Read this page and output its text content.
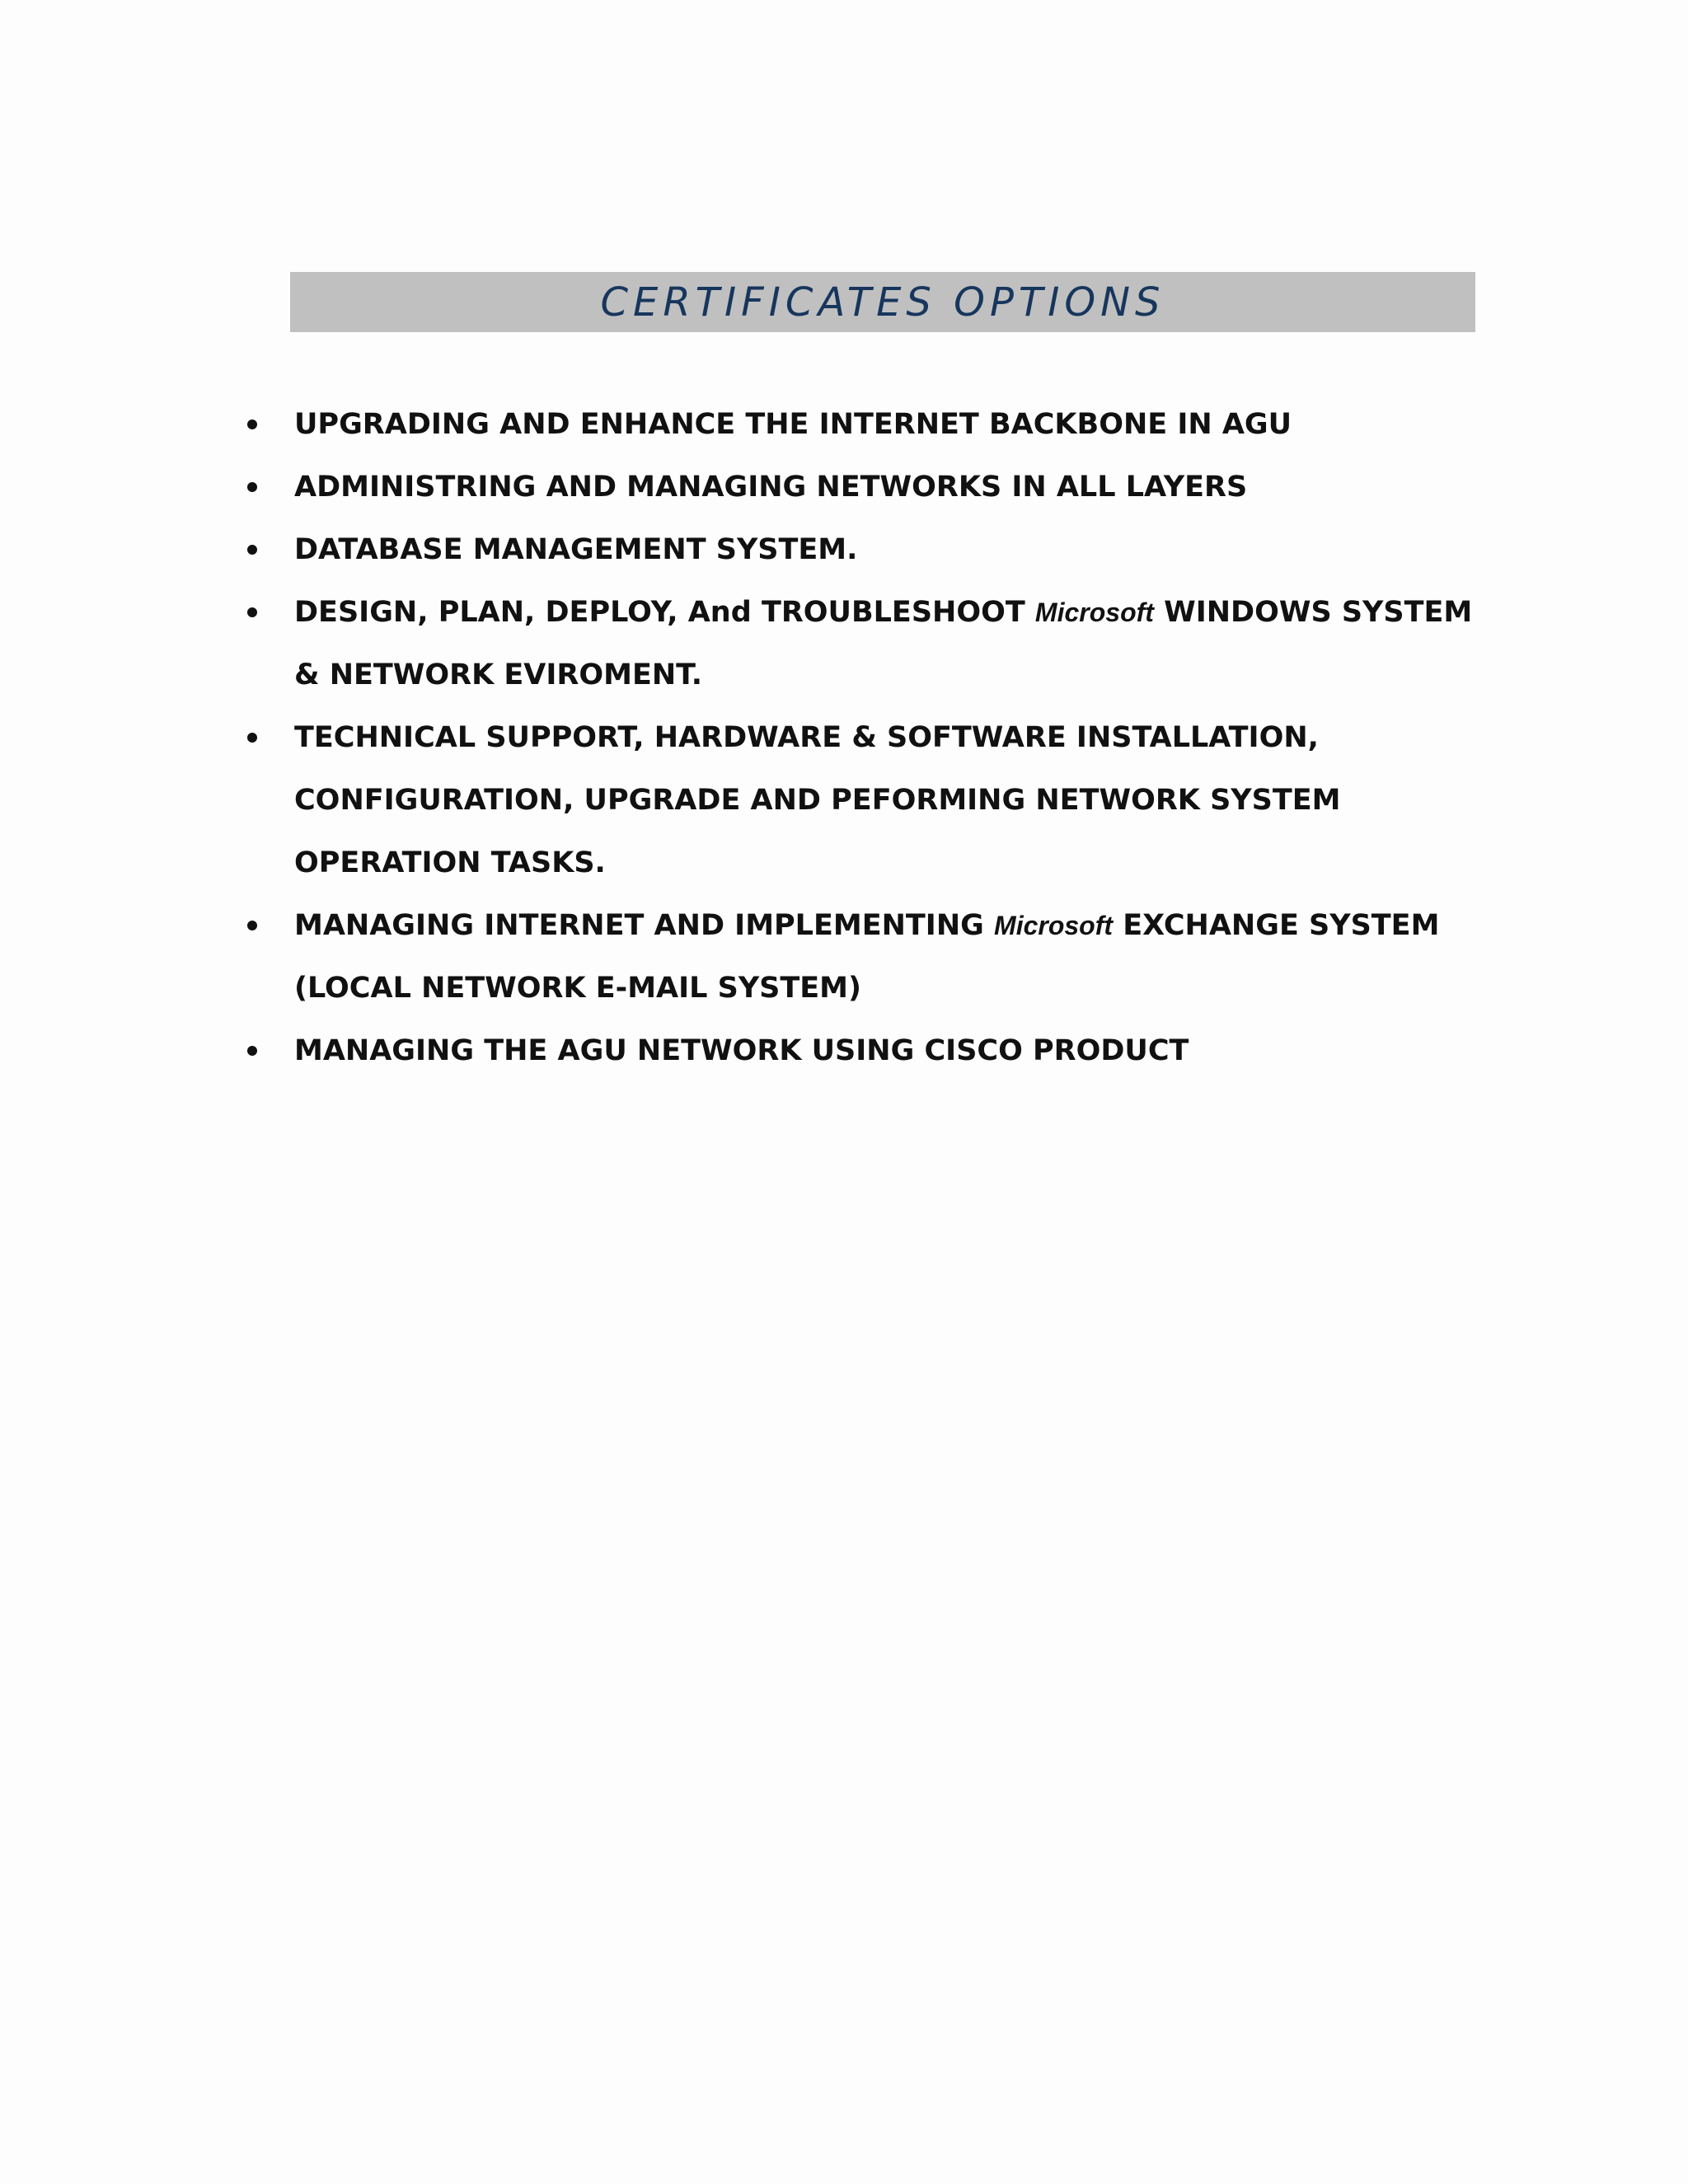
CERTIFICATES OPTIONS
UPGRADING AND ENHANCE THE INTERNET BACKBONE IN AGU
ADMINISTRING AND MANAGING NETWORKS IN ALL LAYERS
DATABASE MANAGEMENT SYSTEM.
DESIGN, PLAN, DEPLOY, And TROUBLESHOOT Microsoft WINDOWS SYSTEM
& NETWORK EVIROMENT.
TECHNICAL SUPPORT, HARDWARE & SOFTWARE INSTALLATION,
CONFIGURATION, UPGRADE AND PEFORMING NETWORK SYSTEM
OPERATION TASKS.
MANAGING INTERNET AND IMPLEMENTING Microsoft EXCHANGE SYSTEM
(LOCAL NETWORK E-MAIL SYSTEM)
MANAGING THE AGU NETWORK USING CISCO PRODUCT
